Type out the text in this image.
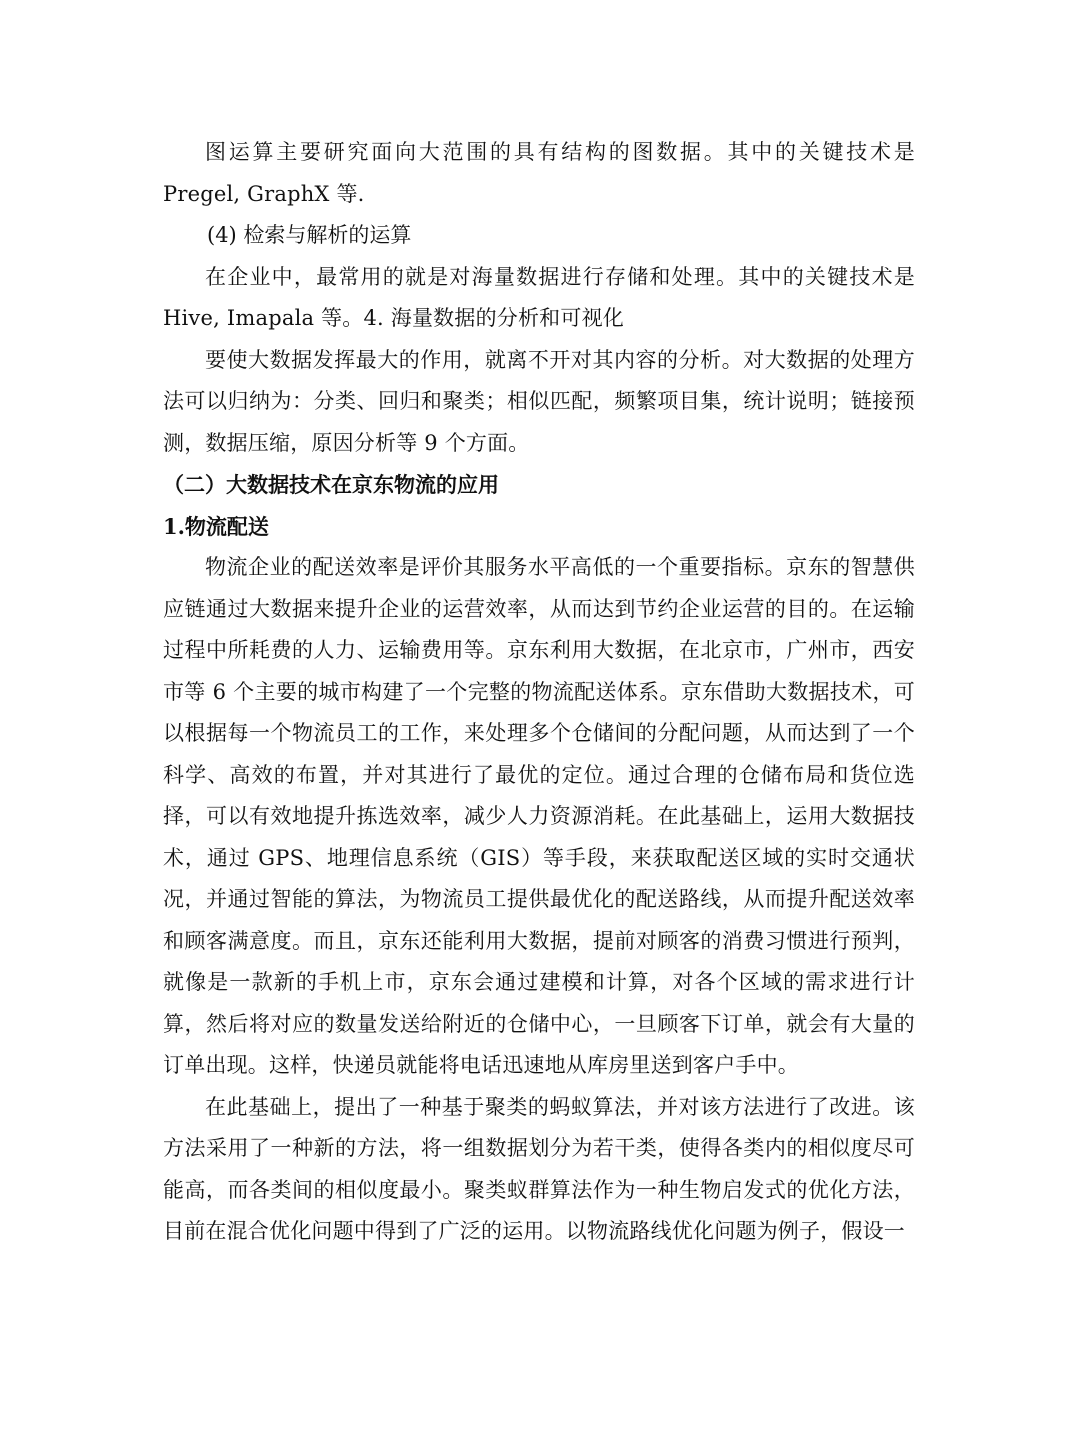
图运算主要研究面向大范围的具有结构的图数据。其中的关键技术是Pregel, GraphX 等.

(4) 检索与解析的运算

在企业中，最常用的就是对海量数据进行存储和处理。其中的关键技术是Hive, Imapala 等。4. 海量数据的分析和可视化

要使大数据发挥最大的作用，就离不开对其内容的分析。对大数据的处理方法可以归纳为：分类、回归和聚类；相似匹配，频繁项目集，统计说明；链接预测，数据压缩，原因分析等 9 个方面。

（二）大数据技术在京东物流的应用

1.物流配送

物流企业的配送效率是评价其服务水平高低的一个重要指标。京东的智慧供应链通过大数据来提升企业的运营效率，从而达到节约企业运营的目的。在运输过程中所耗费的人力、运输费用等。京东利用大数据，在北京市，广州市，西安市等 6 个主要的城市构建了一个完整的物流配送体系。京东借助大数据技术，可以根据每一个物流员工的工作，来处理多个仓储间的分配问题，从而达到了一个科学、高效的布置，并对其进行了最优的定位。通过合理的仓储布局和货位选择，可以有效地提升拣选效率，减少人力资源消耗。在此基础上，运用大数据技术，通过 GPS、地理信息系统（GIS）等手段，来获取配送区域的实时交通状况，并通过智能的算法，为物流员工提供最优化的配送路线，从而提升配送效率和顾客满意度。而且，京东还能利用大数据，提前对顾客的消费习惯进行预判，就像是一款新的手机上市，京东会通过建模和计算，对各个区域的需求进行计算，然后将对应的数量发送给附近的仓储中心，一旦顾客下订单，就会有大量的订单出现。这样，快递员就能将电话迅速地从库房里送到客户手中。

在此基础上，提出了一种基于聚类的蚂蚁算法，并对该方法进行了改进。该方法采用了一种新的方法，将一组数据划分为若干类，使得各类内的相似度尽可能高，而各类间的相似度最小。聚类蚁群算法作为一种生物启发式的优化方法，目前在混合优化问题中得到了广泛的运用。以物流路线优化问题为例子，假设一
